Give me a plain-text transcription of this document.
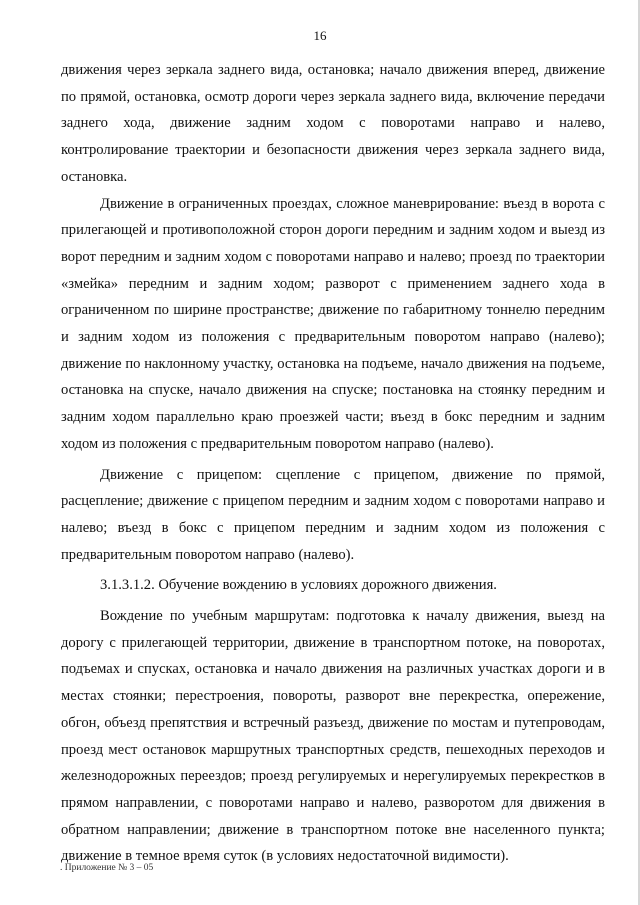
16

движения через зеркала заднего вида, остановка; начало движения вперед, движение по прямой, остановка, осмотр дороги через зеркала заднего вида, включение передачи заднего хода, движение задним ходом с поворотами направо и налево, контролирование траектории и безопасности движения через зеркала заднего вида, остановка.

Движение в ограниченных проездах, сложное маневрирование: въезд в ворота с прилегающей и противоположной сторон дороги передним и задним ходом и выезд из ворот передним и задним ходом с поворотами направо и налево; проезд по траектории «змейка» передним и задним ходом; разворот с применением заднего хода в ограниченном по ширине пространстве; движение по габаритному тоннелю передним и задним ходом из положения с предварительным поворотом направо (налево); движение по наклонному участку, остановка на подъеме, начало движения на подъеме, остановка на спуске, начало движения на спуске; постановка на стоянку передним и задним ходом параллельно краю проезжей части; въезд в бокс передним и задним ходом из положения с предварительным поворотом направо (налево).

Движение с прицепом: сцепление с прицепом, движение по прямой, расцепление; движение с прицепом передним и задним ходом с поворотами направо и налево; въезд в бокс с прицепом передним и задним ходом из положения с предварительным поворотом направо (налево).

3.1.3.1.2. Обучение вождению в условиях дорожного движения.

Вождение по учебным маршрутам: подготовка к началу движения, выезд на дорогу с прилегающей территории, движение в транспортном потоке, на поворотах, подъемах и спусках, остановка и начало движения на различных участках дороги и в местах стоянки; перестроения, повороты, разворот вне перекрестка, опережение, обгон, объезд препятствия и встречный разъезд, движение по мостам и путепроводам, проезд мест остановок маршрутных транспортных средств, пешеходных переходов и железнодорожных переездов; проезд регулируемых и нерегулируемых перекрестков в прямом направлении, с поворотами направо и налево, разворотом для движения в обратном направлении; движение в транспортном потоке вне населенного пункта; движение в темное время суток (в условиях недостаточной видимости).

. Приложение № 3 – 05
